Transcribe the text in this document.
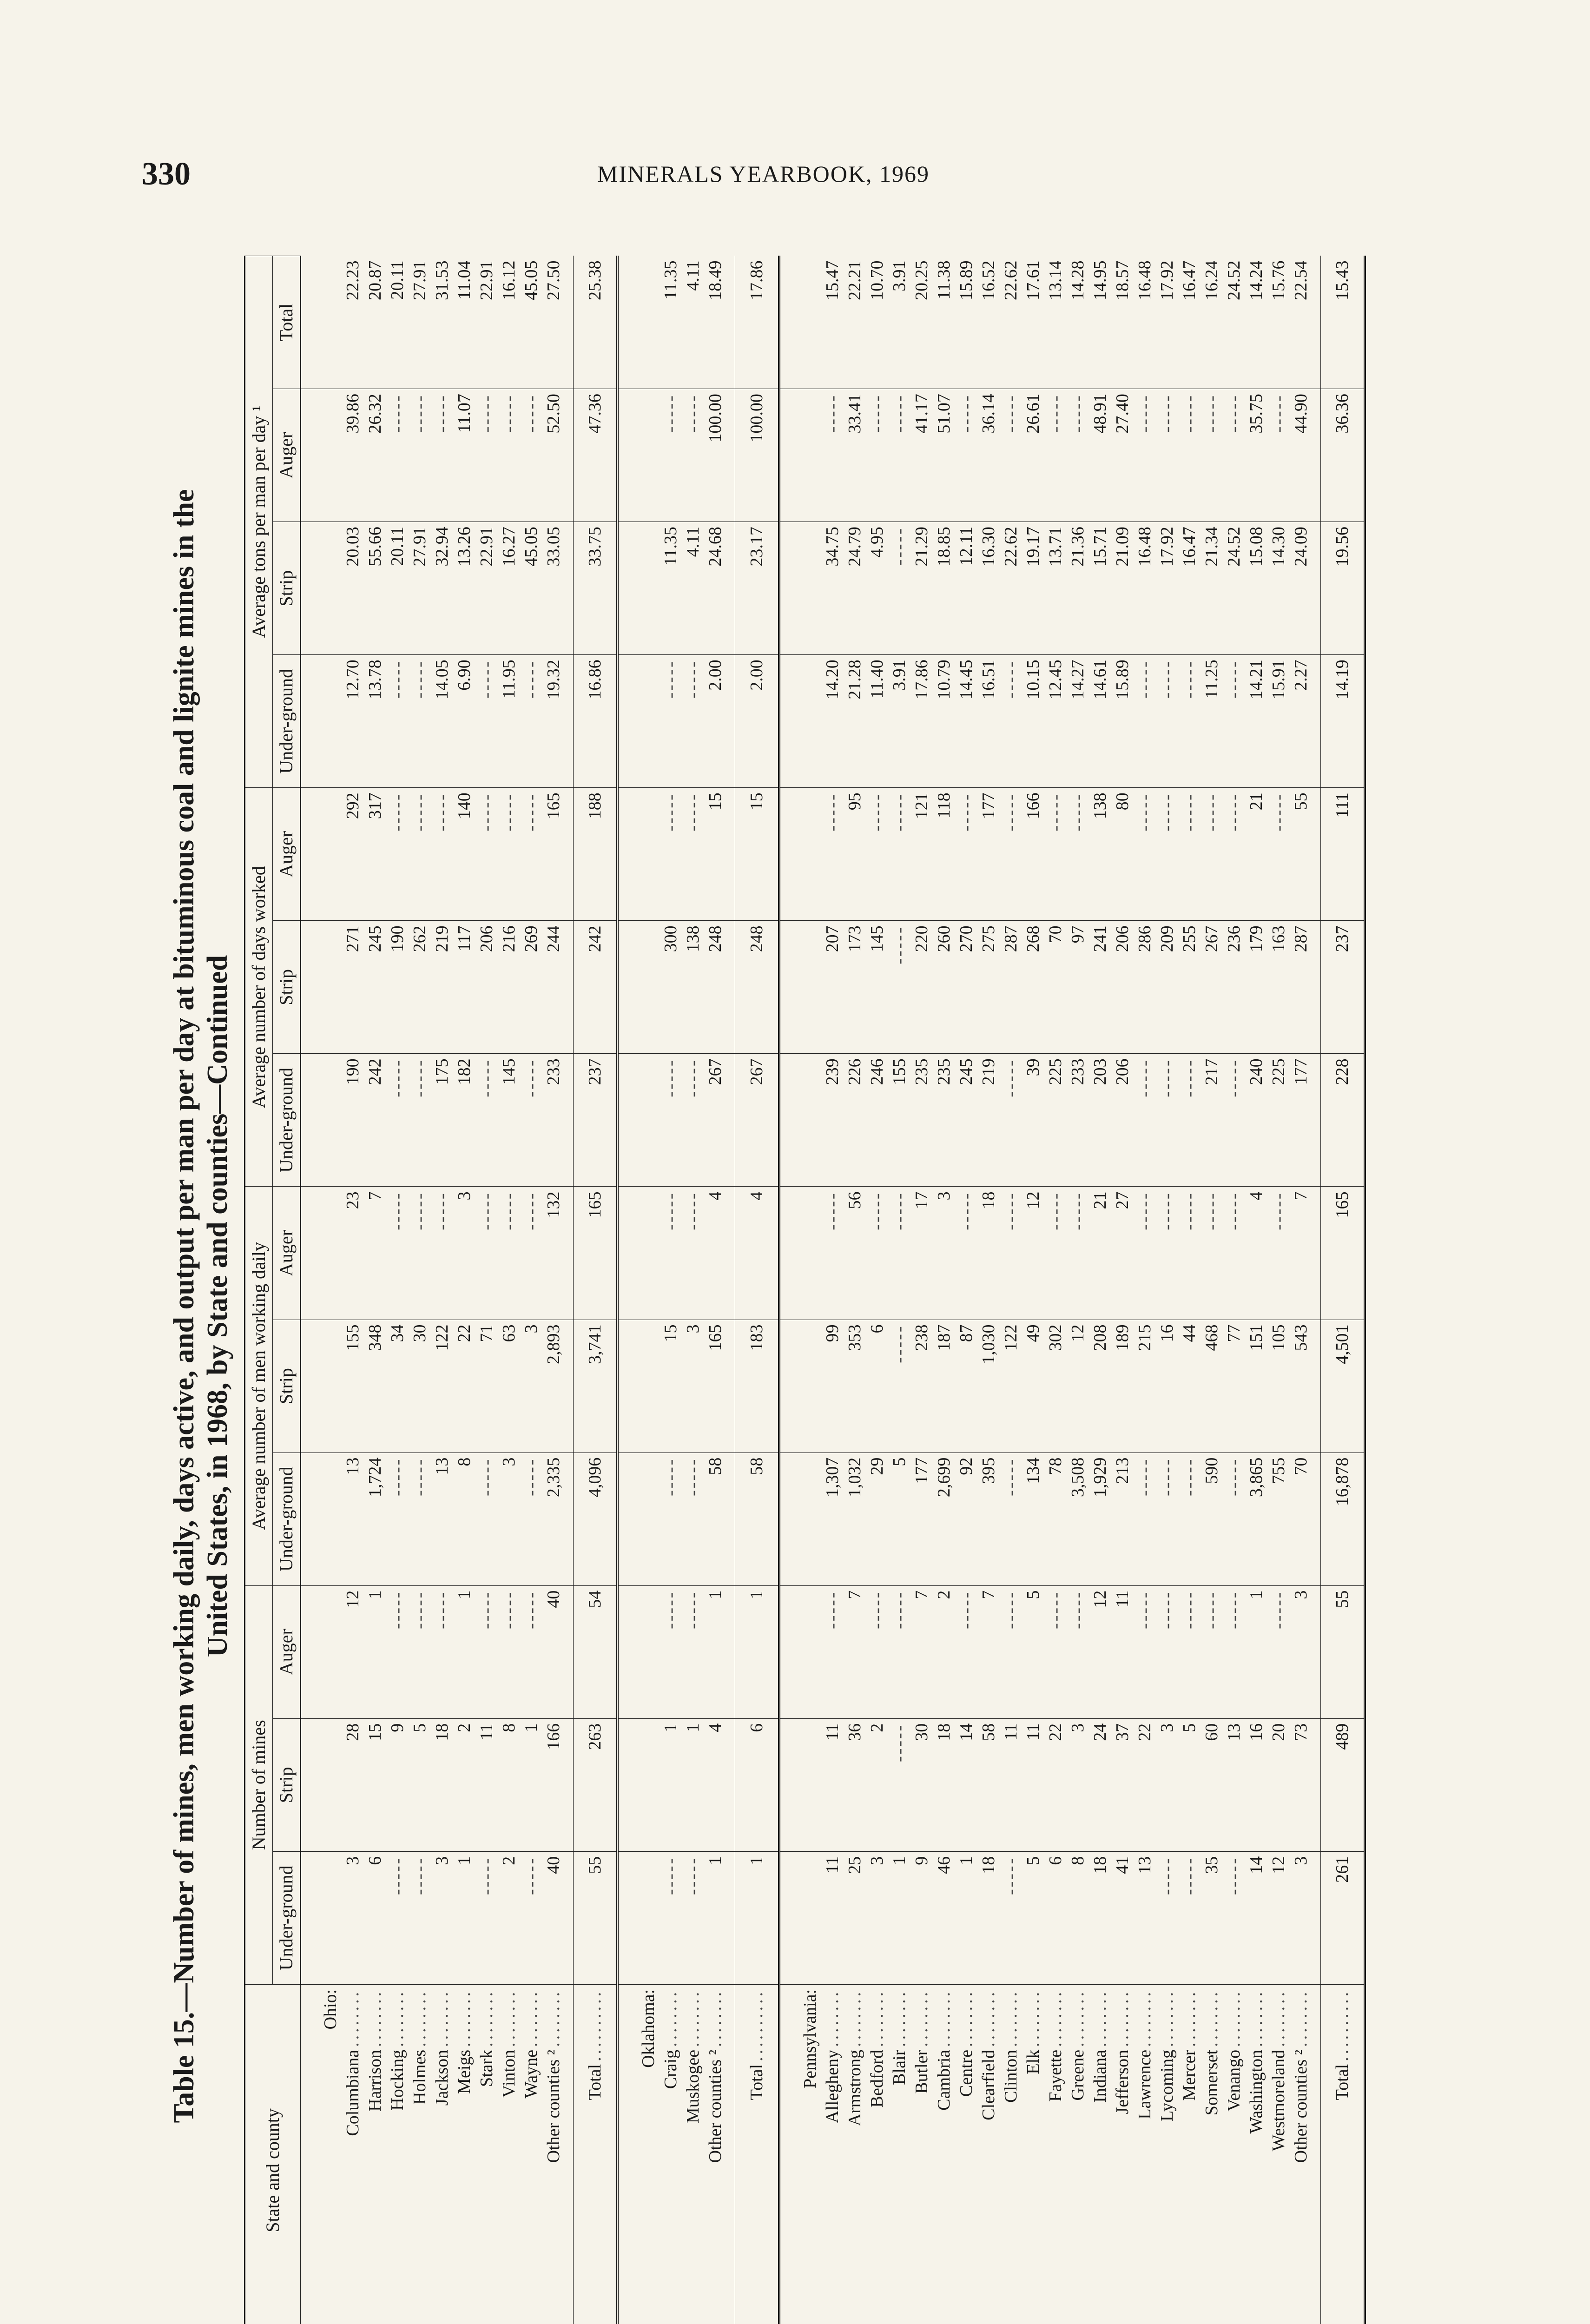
330	MINERALS YEARBOOK, 1969
Table 15.—Number of mines, men working daily, days active, and output per man per day at bituminous coal and lignite mines in the United States, in 1968, by State and counties—Continued
State and county	Number of mines			Average number of men working daily			Average number of days worked			Average tons per man per day ¹			
	Under-ground	Strip	Auger	Under-ground	Strip	Auger	Under-ground	Strip	Auger	Under-ground	Strip	Auger	Total
Ohio:													
Columbiana........	3	28	12	13	155	23	190	271	292	12.70	20.03	39.86	22.23
Harrison........	6	15	1	1,724	348	7	242	245	317	13.78	55.66	26.32	20.87
Hocking........	-----	9	-----	-----	34	-----	-----	190	-----	-----	20.11	-----	20.11
Holmes........	-----	5	-----	-----	30	-----	-----	262	-----	-----	27.91	-----	27.91
Jackson........	3	18	-----	13	122	-----	175	219	-----	14.05	32.94	-----	31.53
Meigs........	1	2	1	8	22	3	182	117	140	6.90	13.26	11.07	11.04
Stark........	-----	11	-----	-----	71	-----	-----	206	-----	-----	22.91	-----	22.91
Vinton........	2	8	-----	3	63	-----	145	216	-----	11.95	16.27	-----	16.12
Wayne........	-----	1	-----	-----	3	-----	-----	269	-----	-----	45.05	-----	45.05
Other counties ²........	40	166	40	2,335	2,893	132	233	244	165	19.32	33.05	52.50	27.50

Total..........	55	263	54	4,096	3,741	165	237	242	188	16.86	33.75	47.36	25.38
Oklahoma:													
Craig........	-----	1	-----	-----	15	-----	-----	300	-----	-----	11.35	-----	11.35
Muskogee........	-----	1	-----	-----	3	-----	-----	138	-----	-----	4.11	-----	4.11
Other counties ²........	1	4	1	58	165	4	267	248	15	2.00	24.68	100.00	18.49

Total..........	1	6	1	58	183	4	267	248	15	2.00	23.17	100.00	17.86
Pennsylvania:													
Allegheny........	11	11	-----	1,307	99	-----	239	207	-----	14.20	34.75	-----	15.47
Armstrong........	25	36	7	1,032	353	56	226	173	95	21.28	24.79	33.41	22.21
Bedford........	3	2	-----	29	6	-----	246	145	-----	11.40	4.95	-----	10.70
Blair........	1	-----	-----	5	-----	-----	155	-----	-----	3.91	-----	-----	3.91
Butler........	9	30	7	177	238	17	235	220	121	17.86	21.29	41.17	20.25
Cambria........	46	18	2	2,699	187	3	235	260	118	10.79	18.85	51.07	11.38
Centre........	1	14	-----	92	87	-----	245	270	-----	14.45	12.11	-----	15.89
Clearfield........	18	58	7	395	1,030	18	219	275	177	16.51	16.30	36.14	16.52
Clinton........	-----	11	-----	-----	122	-----	-----	287	-----	-----	22.62	-----	22.62
Elk........	5	11	5	134	49	12	39	268	166	10.15	19.17	26.61	17.61
Fayette........	6	22	-----	78	302	-----	225	70	-----	12.45	13.71	-----	13.14
Greene........	8	3	-----	3,508	12	-----	233	97	-----	14.27	21.36	-----	14.28
Indiana........	18	24	12	1,929	208	21	203	241	138	14.61	15.71	48.91	14.95
Jefferson........	41	37	11	213	189	27	206	206	80	15.89	21.09	27.40	18.57
Lawrence........	13	22	-----	-----	215	-----	-----	286	-----	-----	16.48	-----	16.48
Lycoming........	-----	3	-----	-----	16	-----	-----	209	-----	-----	17.92	-----	17.92
Mercer........	-----	5	-----	-----	44	-----	-----	255	-----	-----	16.47	-----	16.47
Somerset........	35	60	-----	590	468	-----	217	267	-----	11.25	21.34	-----	16.24
Venango........	-----	13	-----	-----	77	-----	-----	236	-----	-----	24.52	-----	24.52
Washington........	14	16	1	3,865	151	4	240	179	21	14.21	15.08	35.75	14.24
Westmoreland........	12	20	-----	755	105	-----	225	163	-----	15.91	14.30	-----	15.76
Other counties ²........	3	73	3	70	543	7	177	287	55	2.27	24.09	44.90	22.54

Total..........	261	489	55	16,878	4,501	165	228	237	111	14.19	19.56	36.36	15.43
